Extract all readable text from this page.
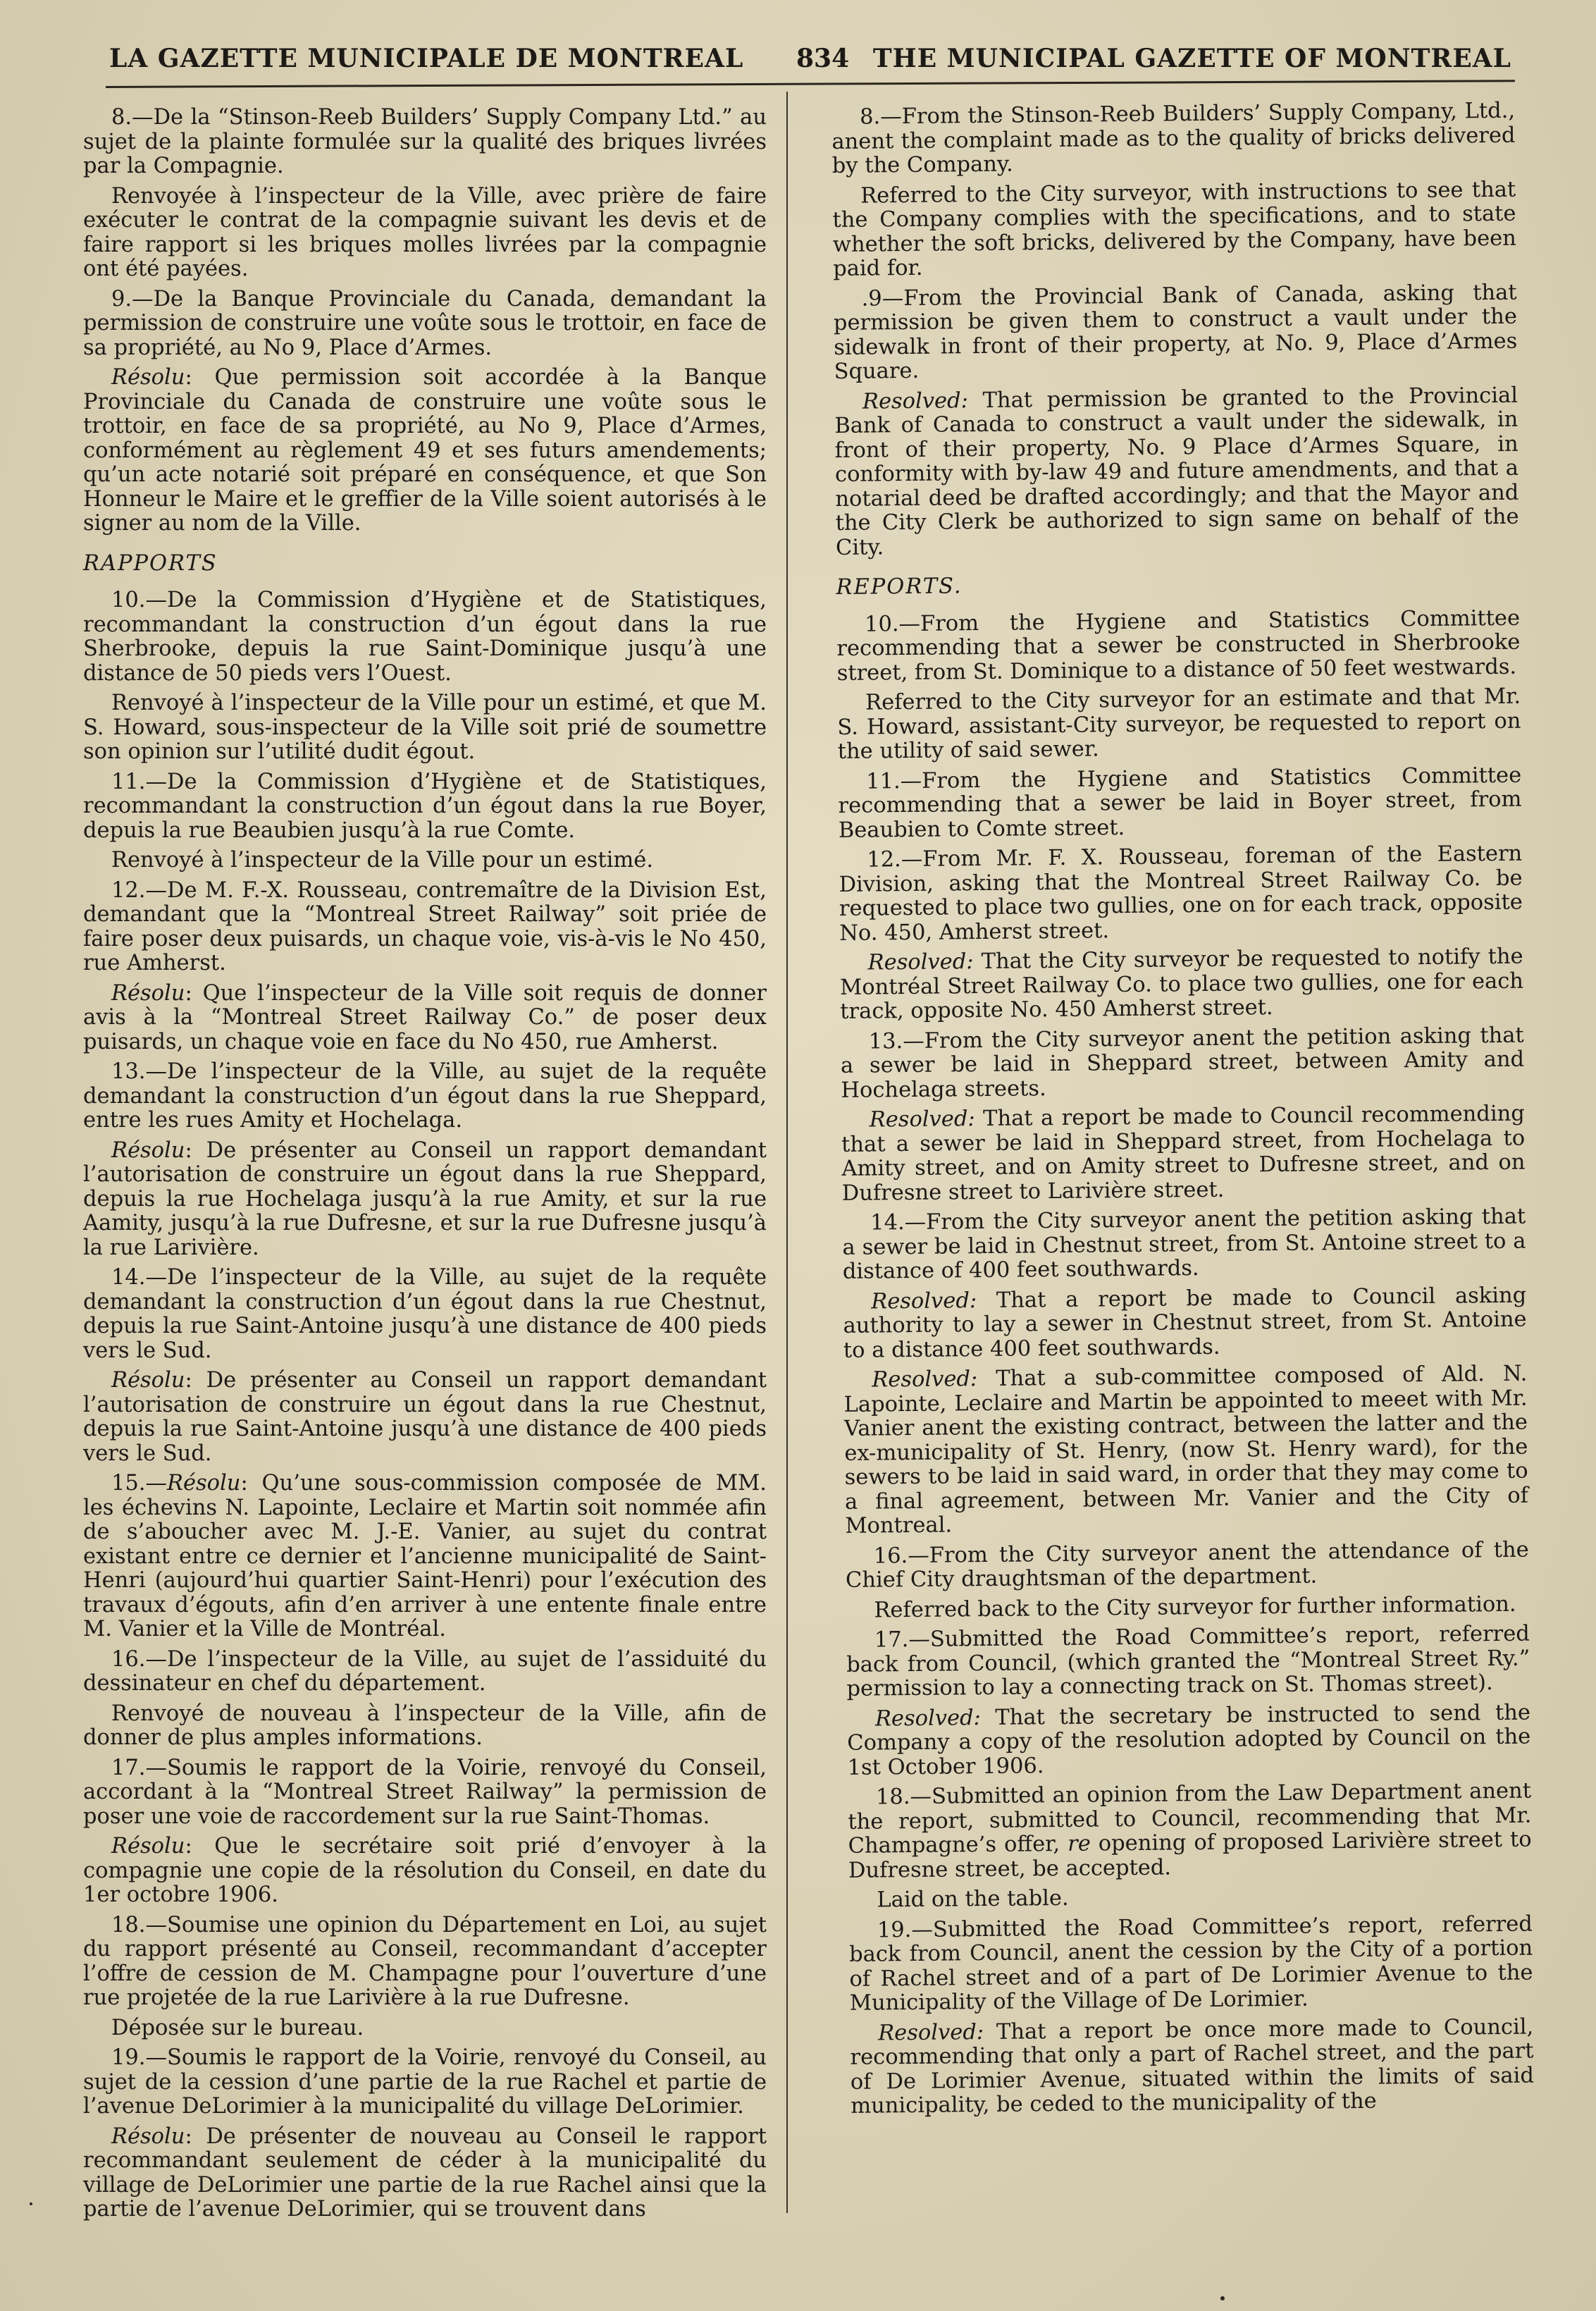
LA GAZETTE MUNICIPALE DE MONTREAL 834 THE MUNICIPAL GAZETTE OF MONTREAL

8.—De la “Stinson-Reeb Builders’ Supply Company Ltd.” au sujet de la plainte formulée sur la qualité des briques livrées par la Compagnie.

Renvoyée à l’inspecteur de la Ville, avec prière de faire exécuter le contrat de la compagnie suivant les devis et de faire rapport si les briques molles livrées par la compagnie ont été payées.

9.—De la Banque Provinciale du Canada, demandant la permission de construire une voûte sous le trottoir, en face de sa propriété, au No 9, Place d’Armes.

Résolu: Que permission soit accordée à la Banque Provinciale du Canada de construire une voûte sous le trottoir, en face de sa propriété, au No 9, Place d’Armes, conformément au règlement 49 et ses futurs amendements; qu’un acte notarié soit préparé en conséquence, et que Son Honneur le Maire et le greffier de la Ville soient autorisés à le signer au nom de la Ville.

RAPPORTS

10.—De la Commission d’Hygiène et de Statistiques, recommandant la construction d’un égout dans la rue Sherbrooke, depuis la rue Saint-Dominique jusqu’à une distance de 50 pieds vers l’Ouest.

Renvoyé à l’inspecteur de la Ville pour un estimé, et que M. S. Howard, sous-inspecteur de la Ville soit prié de soumettre son opinion sur l’utilité dudit égout.

11.—De la Commission d’Hygiène et de Statistiques, recommandant la construction d’un égout dans la rue Boyer, depuis la rue Beaubien jusqu’à la rue Comte.

Renvoyé à l’inspecteur de la Ville pour un estimé.

12.—De M. F.-X. Rousseau, contremaître de la Division Est, demandant que la “Montreal Street Railway” soit priée de faire poser deux puisards, un chaque voie, vis-à-vis le No 450, rue Amherst.

Résolu: Que l’inspecteur de la Ville soit requis de donner avis à la “Montreal Street Railway Co.” de poser deux puisards, un chaque voie en face du No 450, rue Amherst.

13.—De l’inspecteur de la Ville, au sujet de la requête demandant la construction d’un égout dans la rue Sheppard, entre les rues Amity et Hochelaga.

Résolu: De présenter au Conseil un rapport demandant l’autorisation de construire un égout dans la rue Sheppard, depuis la rue Hochelaga jusqu’à la rue Amity, et sur la rue Aamity, jusqu’à la rue Dufresne, et sur la rue Dufresne jusqu’à la rue Larivière.

14.—De l’inspecteur de la Ville, au sujet de la requête demandant la construction d’un égout dans la rue Chestnut, depuis la rue Saint-Antoine jusqu’à une distance de 400 pieds vers le Sud.

Résolu: De présenter au Conseil un rapport demandant l’autorisation de construire un égout dans la rue Chestnut, depuis la rue Saint-Antoine jusqu’à une distance de 400 pieds vers le Sud.

15.—Résolu: Qu’une sous-commission composée de MM. les échevins N. Lapointe, Leclaire et Martin soit nommée afin de s’aboucher avec M. J.-E. Vanier, au sujet du contrat existant entre ce dernier et l’ancienne municipalité de Saint-Henri (aujourd’hui quartier Saint-Henri) pour l’exécution des travaux d’égouts, afin d’en arriver à une entente finale entre M. Vanier et la Ville de Montréal.

16.—De l’inspecteur de la Ville, au sujet de l’assiduité du dessinateur en chef du département.

Renvoyé de nouveau à l’inspecteur de la Ville, afin de donner de plus amples informations.

17.—Soumis le rapport de la Voirie, renvoyé du Conseil, accordant à la “Montreal Street Railway” la permission de poser une voie de raccordement sur la rue Saint-Thomas.

Résolu: Que le secrétaire soit prié d’envoyer à la compagnie une copie de la résolution du Conseil, en date du 1er octobre 1906.

18.—Soumise une opinion du Département en Loi, au sujet du rapport présenté au Conseil, recommandant d’accepter l’offre de cession de M. Champagne pour l’ouverture d’une rue projetée de la rue Larivière à la rue Dufresne.

Déposée sur le bureau.

19.—Soumis le rapport de la Voirie, renvoyé du Conseil, au sujet de la cession d’une partie de la rue Rachel et partie de l’avenue DeLorimier à la municipalité du village DeLorimier.

Résolu: De présenter de nouveau au Conseil le rapport recommandant seulement de céder à la municipalité du village de DeLorimier une partie de la rue Rachel ainsi que la partie de l’avenue DeLorimier, qui se trouvent dans

8.—From the Stinson-Reeb Builders’ Supply Company, Ltd., anent the complaint made as to the quality of bricks delivered by the Company.

Referred to the City surveyor, with instructions to see that the Company complies with the specifications, and to state whether the soft bricks, delivered by the Company, have been paid for.

.9—From the Provincial Bank of Canada, asking that permission be given them to construct a vault under the sidewalk in front of their property, at No. 9, Place d’Armes Square.

Resolved: That permission be granted to the Provincial Bank of Canada to construct a vault under the sidewalk, in front of their property, No. 9 Place d’Armes Square, in conformity with by-law 49 and future amendments, and that a notarial deed be drafted accordingly; and that the Mayor and the City Clerk be authorized to sign same on behalf of the City.

REPORTS.

10.—From the Hygiene and Statistics Committee recommending that a sewer be constructed in Sherbrooke street, from St. Dominique to a distance of 50 feet westwards.

Referred to the City surveyor for an estimate and that Mr. S. Howard, assistant-City surveyor, be requested to report on the utility of said sewer.

11.—From the Hygiene and Statistics Committee recommending that a sewer be laid in Boyer street, from Beaubien to Comte street.

12.—From Mr. F. X. Rousseau, foreman of the Eastern Division, asking that the Montreal Street Railway Co. be requested to place two gullies, one on for each track, opposite No. 450, Amherst street.

Resolved: That the City surveyor be requested to notify the Montréal Street Railway Co. to place two gullies, one for each track, opposite No. 450 Amherst street.

13.—From the City surveyor anent the petition asking that a sewer be laid in Sheppard street, between Amity and Hochelaga streets.

Resolved: That a report be made to Council recommending that a sewer be laid in Sheppard street, from Hochelaga to Amity street, and on Amity street to Dufresne street, and on Dufresne street to Larivière street.

14.—From the City surveyor anent the petition asking that a sewer be laid in Chestnut street, from St. Antoine street to a distance of 400 feet southwards.

Resolved: That a report be made to Council asking authority to lay a sewer in Chestnut street, from St. Antoine to a distance 400 feet southwards.

Resolved: That a sub-committee composed of Ald. N. Lapointe, Leclaire and Martin be appointed to meeet with Mr. Vanier anent the existing contract, between the latter and the ex-municipality of St. Henry, (now St. Henry ward), for the sewers to be laid in said ward, in order that they may come to a final agreement, between Mr. Vanier and the City of Montreal.

16.—From the City surveyor anent the attendance of the Chief City draughtsman of the department.

Referred back to the City surveyor for further information.

17.—Submitted the Road Committee’s report, referred back from Council, (which granted the “Montreal Street Ry.” permission to lay a connecting track on St. Thomas street).

Resolved: That the secretary be instructed to send the Company a copy of the resolution adopted by Council on the 1st October 1906.

18.—Submitted an opinion from the Law Department anent the report, submitted to Council, recommending that Mr. Champagne’s offer, re opening of proposed Larivière street to Dufresne street, be accepted.

Laid on the table.

19.—Submitted the Road Committee’s report, referred back from Council, anent the cession by the City of a portion of Rachel street and of a part of De Lorimier Avenue to the Municipality of the Village of De Lorimier.

Resolved: That a report be once more made to Council, recommending that only a part of Rachel street, and the part of De Lorimier Avenue, situated within the limits of said municipality, be ceded to the municipality of the
